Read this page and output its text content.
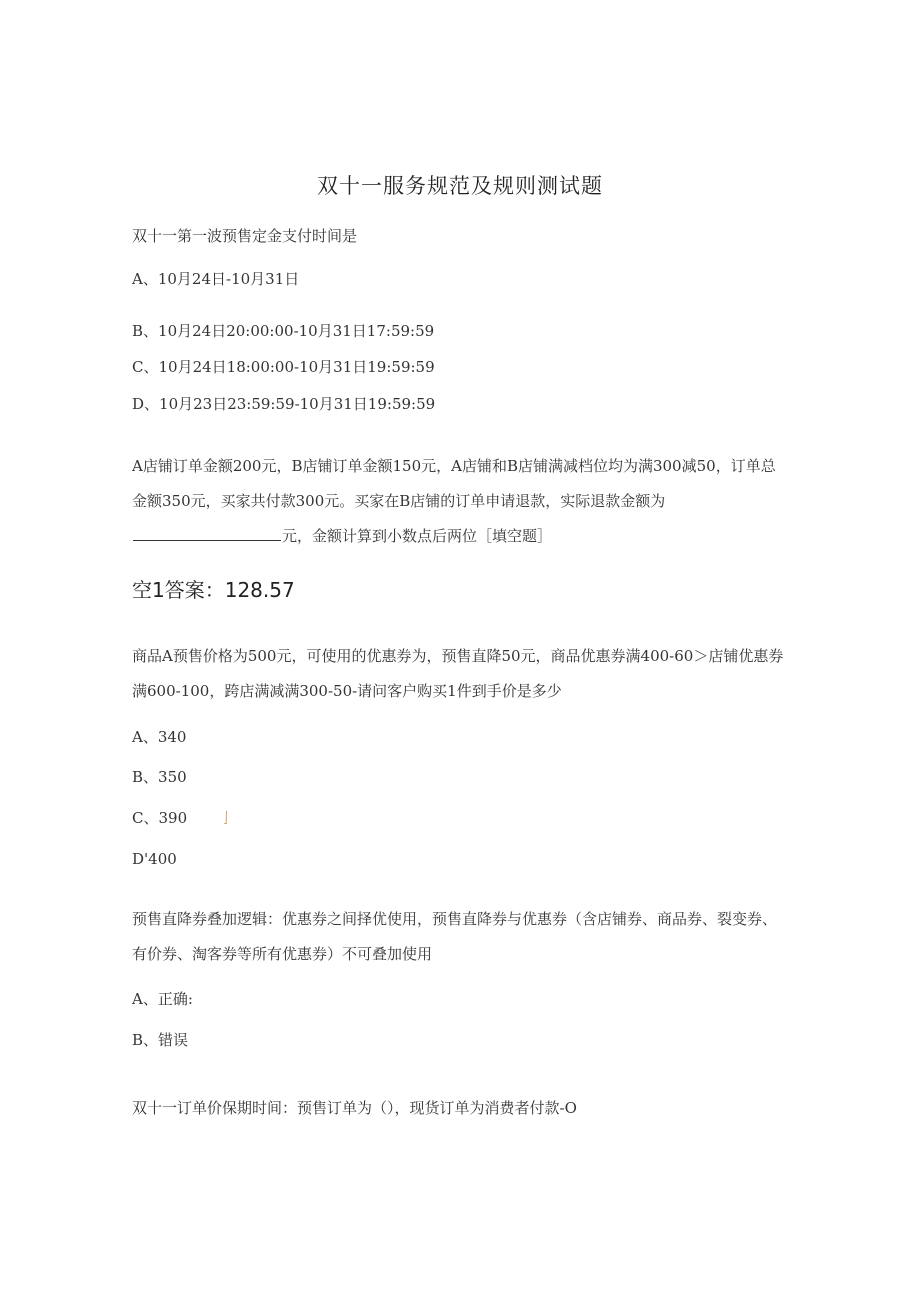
双十一服务规范及规则测试题
双十一第一波预售定金支付时间是
A、10月24日-10月31日
B、10月24日20:00:00-10月31日17:59:59
C、10月24日18:00:00-10月31日19:59:59
D、10月23日23:59:59-10月31日19:59:59
A店铺订单金额200元，B店铺订单金额150元，A店铺和B店铺满减档位均为满300减50，订单总金额350元，买家共付款300元。买家在B店铺的订单申请退款，实际退款金额为元，金额计算到小数点后两位［填空题］
空1答案：128.57
商品A预售价格为500元，可使用的优惠券为，预售直降50元，商品优惠券满400-60＞店铺优惠券满600-100，跨店满减满300-50-请问客户购买1件到手价是多少
A、340
B、350
C、390
D'400
预售直降券叠加逻辑：优惠券之间择优使用，预售直降券与优惠券（含店铺券、商品券、裂变券、有价券、淘客券等所有优惠券）不可叠加使用
A、正确:
B、错误
双十一订单价保期时间：预售订单为（），现货订单为消费者付款-O
